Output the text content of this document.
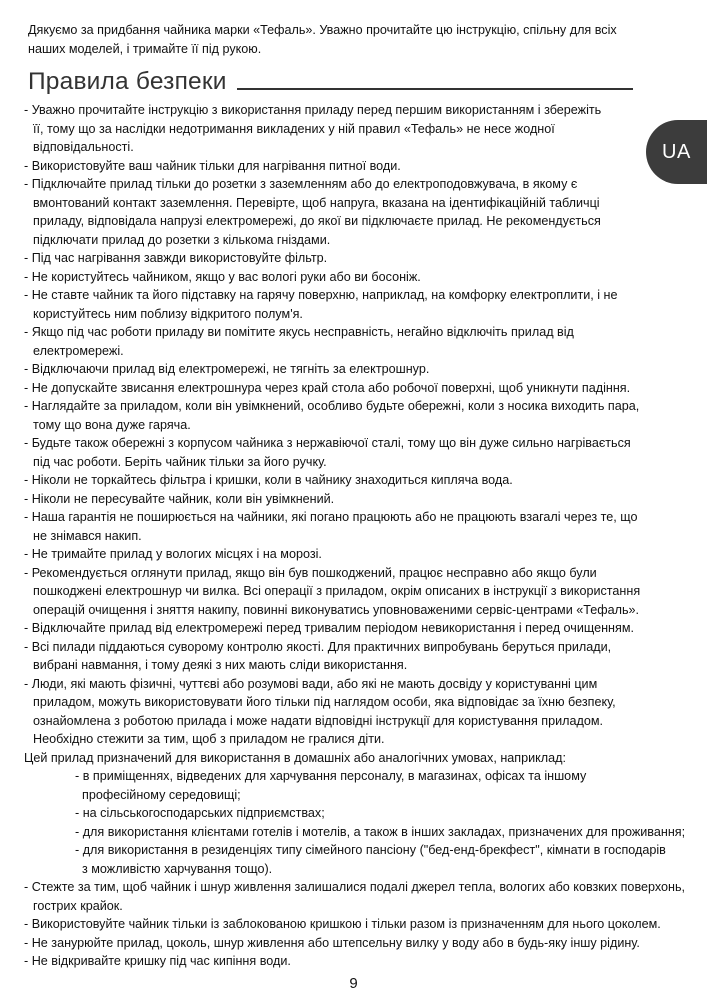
Дякуємо за придбання чайника марки «Тефаль». Уважно прочитайте цю інструкцію, спільну для всіх
наших моделей, і тримайте її під рукою.

Правила безпеки
UA
- Уважно прочитайте інструкцію з використання приладу перед першим використанням і збережіть
її, тому що за наслідки недотримання викладених у ній правил «Тефаль» не несе жодної
відповідальності.
- Використовуйте ваш чайник тільки для нагрівання питної води.
- Підключайте прилад тільки до розетки з заземленням або до електроподовжувача, в якому є
вмонтований контакт заземлення. Перевірте, щоб напруга, вказана на ідентифікаційній табличці
приладу, відповідала напрузі електромережі, до якої ви підключаєте прилад. Не рекомендується
підключати прилад до розетки з кількома гніздами.
- Під час нагрівання завжди використовуйте фільтр.
- Не користуйтесь чайником, якщо у вас вологі руки або ви босоніж.
- Не ставте чайник та його підставку на гарячу поверхню, наприклад, на комфорку електроплити, і не
користуйтесь ним поблизу відкритого полум'я.
- Якщо під час роботи приладу ви помітите якусь несправність, негайно відключіть прилад від
електромережі.
- Відключаючи прилад від електромережі, не тягніть за електрошнур.
- Не допускайте звисання електрошнура через край стола або робочої поверхні, щоб уникнути падіння.
- Наглядайте за приладом, коли він увімкнений, особливо будьте обережні, коли з носика виходить пара,
тому що вона дуже гаряча.
- Будьте також обережні з корпусом чайника з нержавіючої сталі, тому що він дуже сильно нагрівається
під час роботи. Беріть чайник тільки за його ручку.
- Ніколи не торкайтесь фільтра і кришки, коли в чайнику знаходиться кипляча вода.
- Ніколи не пересувайте чайник, коли він увімкнений.
- Наша гарантія не поширюється на чайники, які погано працюють або не працюють взагалі через те, що
не знімався накип.
- Не тримайте прилад у вологих місцях і на морозі.
- Рекомендується оглянути прилад, якщо він був пошкоджений, працює несправно або якщо були
пошкоджені електрошнур чи вилка. Всі операції з приладом, окрім описаних в інструкції з використання
операцій очищення і зняття накипу, повинні виконуватись уповноваженими сервіс-центрами «Тефаль».
- Відключайте прилад від електромережі перед тривалим періодом невикористання і перед очищенням.
- Всі пилади піддаються суворому контролю якості. Для практичних випробувань беруться прилади,
вибрані навмання, і тому деякі з них мають сліди використання.
- Люди, які мають фізичні, чуттєві або розумові вади, або які не мають досвіду у користуванні цим
приладом, можуть використовувати його тільки під наглядом особи, яка відповідає за їхню безпеку,
ознайомлена з роботою прилада і може надати відповідні інструкції для користування приладом.
Необхідно стежити за тим, щоб з приладом не гралися діти.
Цей прилад призначений для використання в домашніх або аналогічних умовах, наприклад:
- в приміщеннях, відведених для харчування персоналу, в магазинах, офісах та іншому
професійному середовищі;
- на сільськогосподарських підприємствах;
- для використання клієнтами готелів і мотелів, а також в інших закладах, призначених для проживання;
- для використання в резиденціях типу сімейного пансіону ("бед-енд-брекфест", кімнати в господарів
з можливістю харчування тощо).
- Стежте за тим, щоб чайник і шнур живлення залишалися подалі джерел тепла, вологих або ковзких поверхонь,
гострих крайок.
- Використовуйте чайник тільки із заблокованою кришкою і тільки разом із призначенням для нього цоколем.
- Не занурюйте прилад, цоколь, шнур живлення або штепсельну вилку у воду або в будь-яку іншу рідину.
- Не відкривайте кришку під час кипіння води.
9
